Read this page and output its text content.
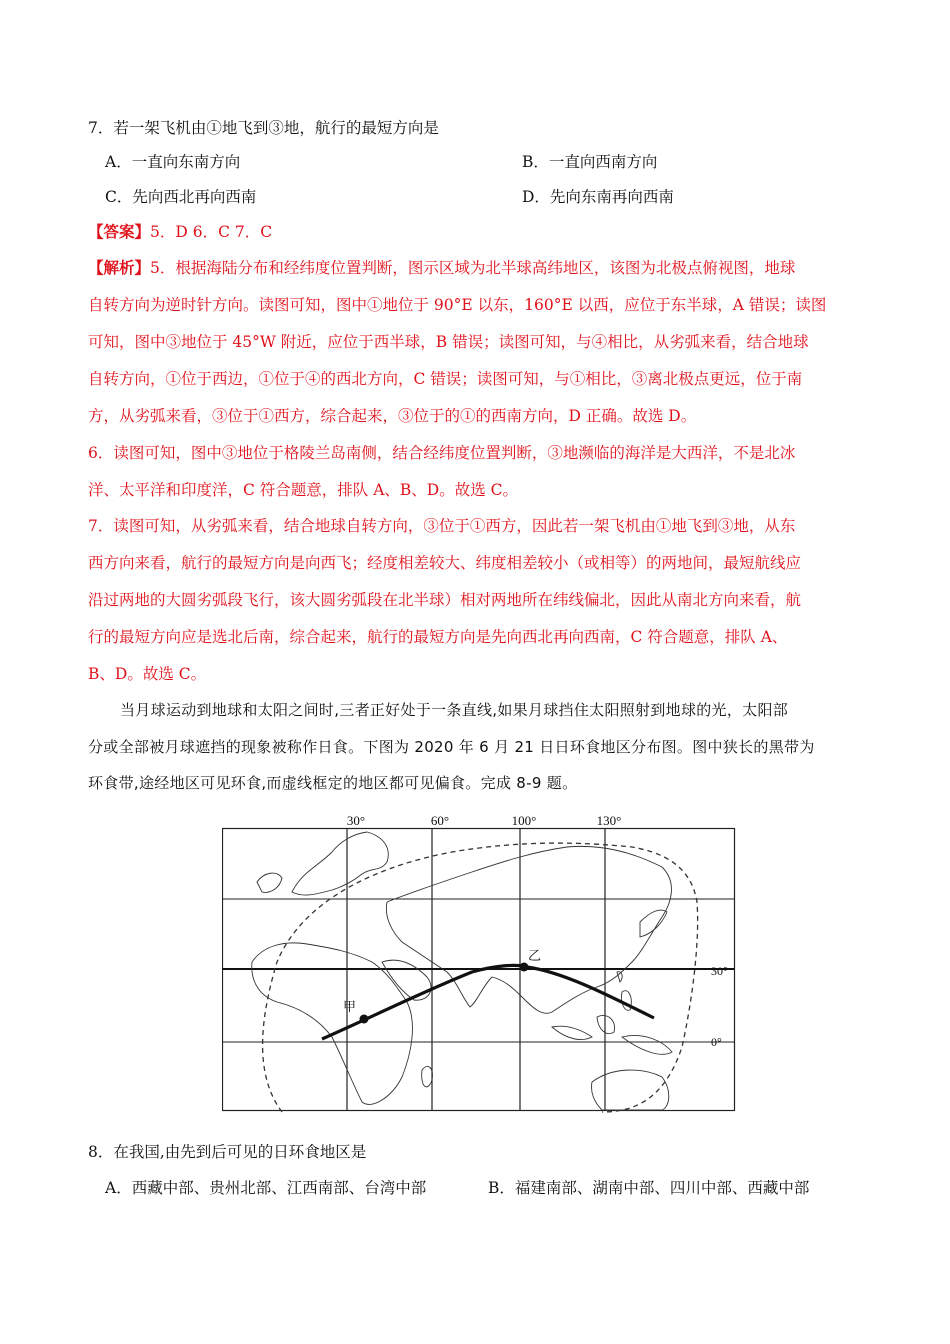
7．若一架飞机由①地飞到③地，航行的最短方向是
A．一直向东南方向	B．一直向西南方向
C．先向西北再向西南	D．先向东南再向西南
【答案】5．D 6．C 7．C
【解析】5．根据海陆分布和经纬度位置判断，图示区域为北半球高纬地区，该图为北极点俯视图，地球
自转方向为逆时针方向。读图可知，图中①地位于 90°E 以东，160°E 以西，应位于东半球，A 错误；读图
可知，图中③地位于 45°W 附近，应位于西半球，B 错误；读图可知，与④相比，从劣弧来看，结合地球
自转方向，①位于西边，①位于④的西北方向，C 错误；读图可知，与①相比，③离北极点更远，位于南
方，从劣弧来看，③位于①西方，综合起来，③位于的①的西南方向，D 正确。故选 D。
6．读图可知，图中③地位于格陵兰岛南侧，结合经纬度位置判断，③地濒临的海洋是大西洋，不是北冰
洋、太平洋和印度洋，C 符合题意，排队 A、B、D。故选 C。
7．读图可知，从劣弧来看，结合地球自转方向，③位于①西方，因此若一架飞机由①地飞到③地，从东
西方向来看，航行的最短方向是向西飞；经度相差较大、纬度相差较小（或相等）的两地间，最短航线应
沿过两地的大圆劣弧段飞行，该大圆劣弧段在北半球）相对两地所在纬线偏北，因此从南北方向来看，航
行的最短方向应是选北后南，综合起来，航行的最短方向是先向西北再向西南，C 符合题意，排队 A、
B、D。故选 C。
当月球运动到地球和太阳之间时,三者正好处于一条直线,如果月球挡住太阳照射到地球的光，太阳部
分或全部被月球遮挡的现象被称作日食。下图为 2020 年 6 月 21 日日环食地区分布图。图中狭长的黑带为
环食带,途经地区可见环食,而虚线框定的地区都可见偏食。完成 8-9 题。
甲
乙
30°	60°	100°	130°
30°
0°
8．在我国,由先到后可见的日环食地区是
A．西藏中部、贵州北部、江西南部、台湾中部	B．福建南部、湖南中部、四川中部、西藏中部
